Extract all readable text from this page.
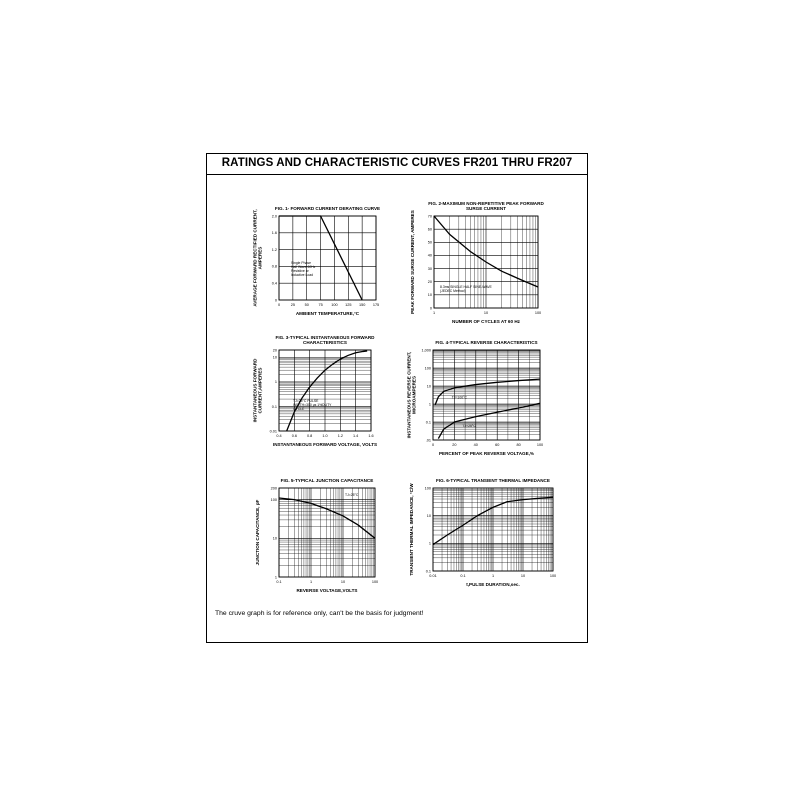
RATINGS AND CHARACTERISTIC CURVES FR201 THRU FR207
0	25	50	75 100 125 150 175
0
0.4
0.8
1.2
1.6
2.0
FIG. 1- FORWARD CURRENT DERATING CURVE
AMBIENT TEMPERATURE,°C
AVERAGE FORWARD RECTIFIED CURRENT,AMPERES	Single Phase Half Wave 60Hz Resistive or Inductive Load
1	10	100
0
10
20
30
40
50
60
70
FIG. 2-MAXIMUM NON-REPETITIVE PEAK FORWARD SURGE CURRENT
NUMBER OF CYCLES AT 60 Hz
PEAK FORWARD SURGE CURRENT, AMPERES	8.3ms SINGLE HALF SINE-WAVE (JEDEC Method)
0.4	0.6	0.8	1.0	1.2	1.4	1.6
0.01
0.1
1
10
20
FIG. 3-TYPICAL INSTANTANEOUS FORWARD CHARACTERISTICS
INSTANTANEOUS FORWARD VOLTAGE, VOLTS
INSTANTANEOUS FORWARDCURRENT,AMPERES	TJ=25°C PULSE WIDTH=300 μs 1%DUTY CYCLE
0	20	40	60	80	100
.01
0.1
1
10
100
1,000
FIG. 4-TYPICAL REVERSE CHARACTERISTICS
PERCENT OF PEAK REVERSE VOLTAGE,%
INSTANTANEOUS REVERSE CURRENT,MICROAMPERES	TJ=100°C
TJ=25°C
0.1	1	10	100
1
10
100
200
FIG. 5-TYPICAL JUNCTION CAPACITANCE
REVERSE VOLTAGE,VOLTS
JUNCTION CAPACITANCE, pF
TJ=25°C
0.01	0.1	1	10	100
0.1
1
10
100
FIG. 6-TYPICAL TRANSIENT THERMAL IMPEDANCE
t,PULSE DURATION,sec.
TRANSIENT THERMAL IMPEDANCE, °C/W
The cruve graph is for reference only, can't be the basis for judgment!
